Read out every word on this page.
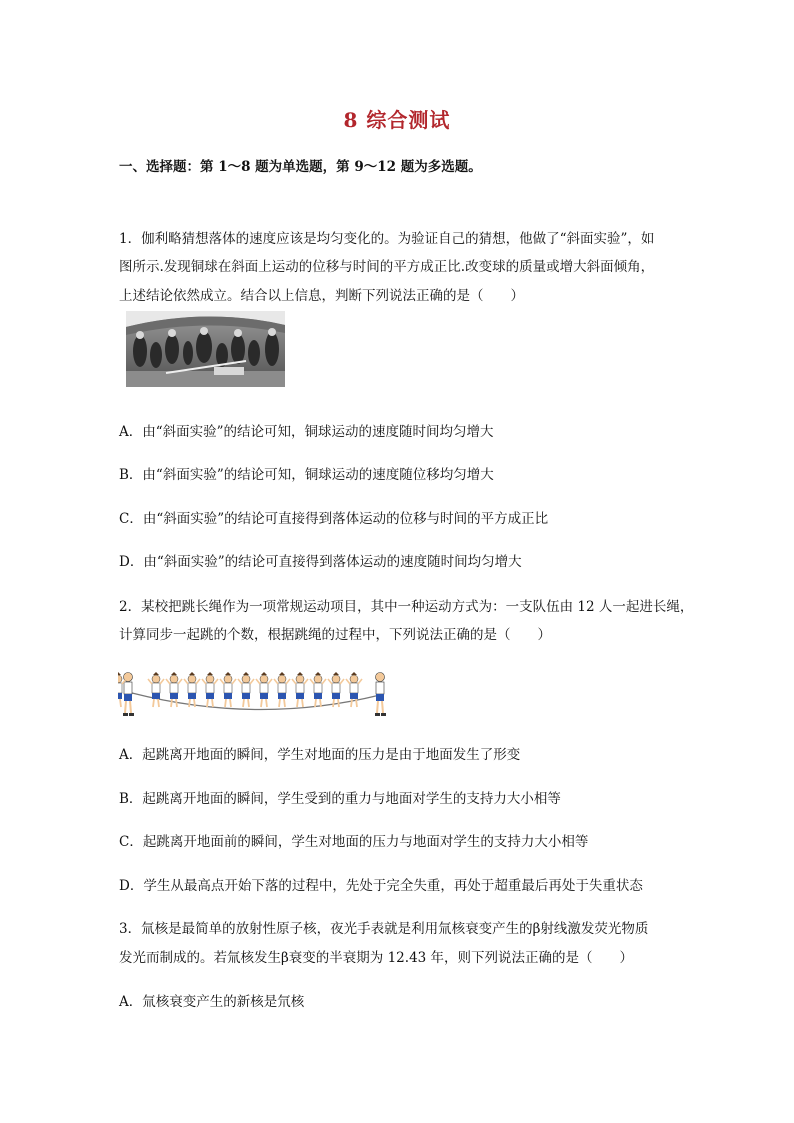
8 综合测试
一、选择题：第 1～8 题为单选题，第 9～12 题为多选题。
1．伽利略猜想落体的速度应该是均匀变化的。为验证自己的猜想，他做了“斜面实验”，如
图所示.发现铜球在斜面上运动的位移与时间的平方成正比.改变球的质量或增大斜面倾角，
上述结论依然成立。结合以上信息，判断下列说法正确的是（　　）
A．由“斜面实验”的结论可知，铜球运动的速度随时间均匀增大
B．由“斜面实验”的结论可知，铜球运动的速度随位移均匀增大
C．由“斜面实验”的结论可直接得到落体运动的位移与时间的平方成正比
D．由“斜面实验”的结论可直接得到落体运动的速度随时间均匀增大
2．某校把跳长绳作为一项常规运动项目，其中一种运动方式为：一支队伍由 12 人一起进长绳，
计算同步一起跳的个数，根据跳绳的过程中，下列说法正确的是（　　）
A．起跳离开地面的瞬间，学生对地面的压力是由于地面发生了形变
B．起跳离开地面的瞬间，学生受到的重力与地面对学生的支持力大小相等
C．起跳离开地面前的瞬间，学生对地面的压力与地面对学生的支持力大小相等
D．学生从最高点开始下落的过程中，先处于完全失重，再处于超重最后再处于失重状态
3．氚核是最简单的放射性原子核，夜光手表就是利用氚核衰变产生的β射线激发荧光物质
发光而制成的。若氚核发生β衰变的半衰期为 12.43 年，则下列说法正确的是（　　）
A．氚核衰变产生的新核是氘核
